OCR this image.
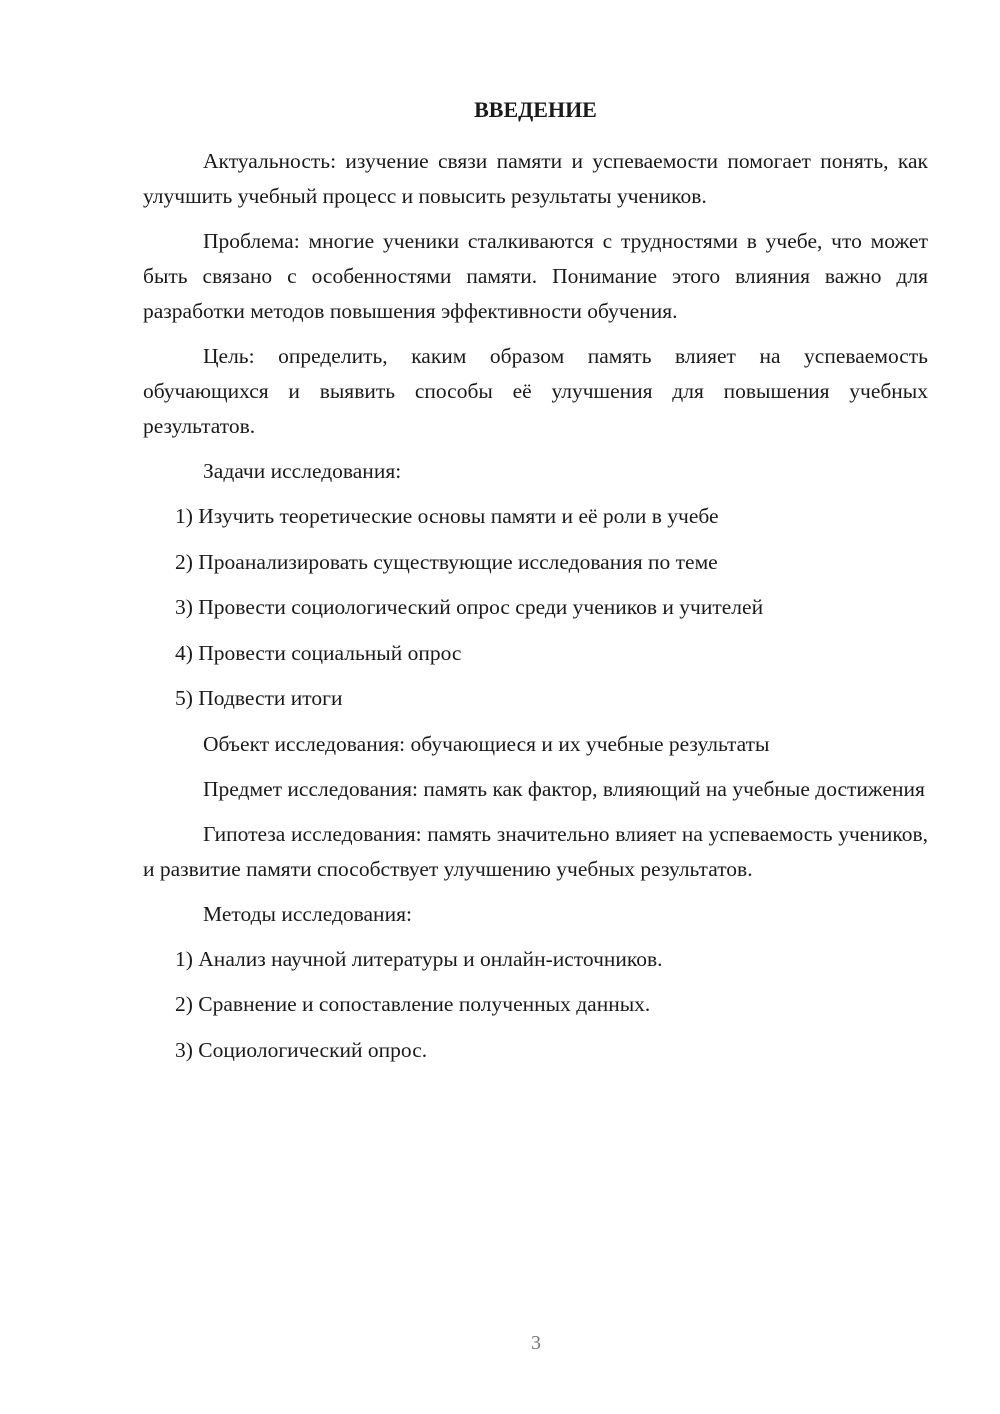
ВВЕДЕНИЕ

Актуальность: изучение связи памяти и успеваемости помогает понять, как улучшить учебный процесс и повысить результаты учеников.

Проблема: многие ученики сталкиваются с трудностями в учебе, что может быть связано с особенностями памяти. Понимание этого влияния важно для разработки методов повышения эффективности обучения.

Цель: определить, каким образом память влияет на успеваемость обучающихся и выявить способы её улучшения для повышения учебных результатов.

Задачи исследования:

1) Изучить теоретические основы памяти и её роли в учебе
2) Проанализировать существующие исследования по теме
3) Провести социологический опрос среди учеников и учителей
4) Провести социальный опрос
5) Подвести итоги

Объект исследования: обучающиеся и их учебные результаты

Предмет исследования: память как фактор, влияющий на учебные достижения

Гипотеза исследования: память значительно влияет на успеваемость учеников, и развитие памяти способствует улучшению учебных результатов.

Методы исследования:

1) Анализ научной литературы и онлайн-источников.
2) Сравнение и сопоставление полученных данных.
3) Социологический опрос.
3
